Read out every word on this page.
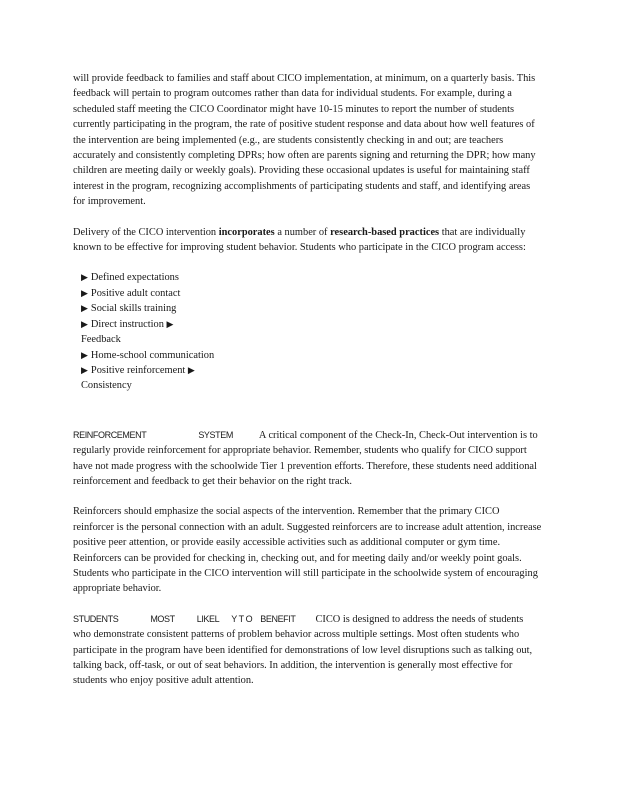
will provide feedback to families and staff about CICO implementation, at minimum, on a quarterly basis. This feedback will pertain to program outcomes rather than data for individual students. For example, during a scheduled staff meeting the CICO Coordinator might have 10-15 minutes to report the number of students currently participating in the program, the rate of positive student response and data about how well features of the intervention are being implemented (e.g., are students consistently checking in and out; are teachers accurately and consistently completing DPRs; how often are parents signing and returning the DPR; how many children are meeting daily or weekly goals). Providing these occasional updates is useful for maintaining staff interest in the program, recognizing accomplishments of participating students and staff, and identifying areas for improvement.

Delivery of the CICO intervention incorporates a number of research-based practices that are individually known to be effective for improving student behavior. Students who participate in the CICO program access:

▶ Defined expectations
▶ Positive adult contact
▶ Social skills training
▶ Direct instruction ▶
Feedback
▶ Home-school communication
▶ Positive reinforcement ▶
Consistency

REINFORCEMENT	SYSTEM	A critical component of the Check-In, Check-Out intervention is to regularly provide reinforcement for appropriate behavior. Remember, students who qualify for CICO support have not made progress with the schoolwide Tier 1 prevention efforts. Therefore, these students need additional reinforcement and feedback to get their behavior on the right track.

Reinforcers should emphasize the social aspects of the intervention. Remember that the primary CICO reinforcer is the personal connection with an adult. Suggested reinforcers are to increase adult attention, increase positive peer attention, or provide easily accessible activities such as additional computer or gym time. Reinforcers can be provided for checking in, checking out, and for meeting daily and/or weekly point goals. Students who participate in the CICO intervention will still participate in the schoolwide system of encouraging appropriate behavior.

STUDENTS	MOST LIKEL Y T O BENEFIT CICO is designed to address the needs of students who demonstrate consistent patterns of problem behavior across multiple settings. Most often students who participate in the program have been identified for demonstrations of low level disruptions such as talking out, talking back, off-task, or out of seat behaviors. In addition, the intervention is generally most effective for students who enjoy positive adult attention.
